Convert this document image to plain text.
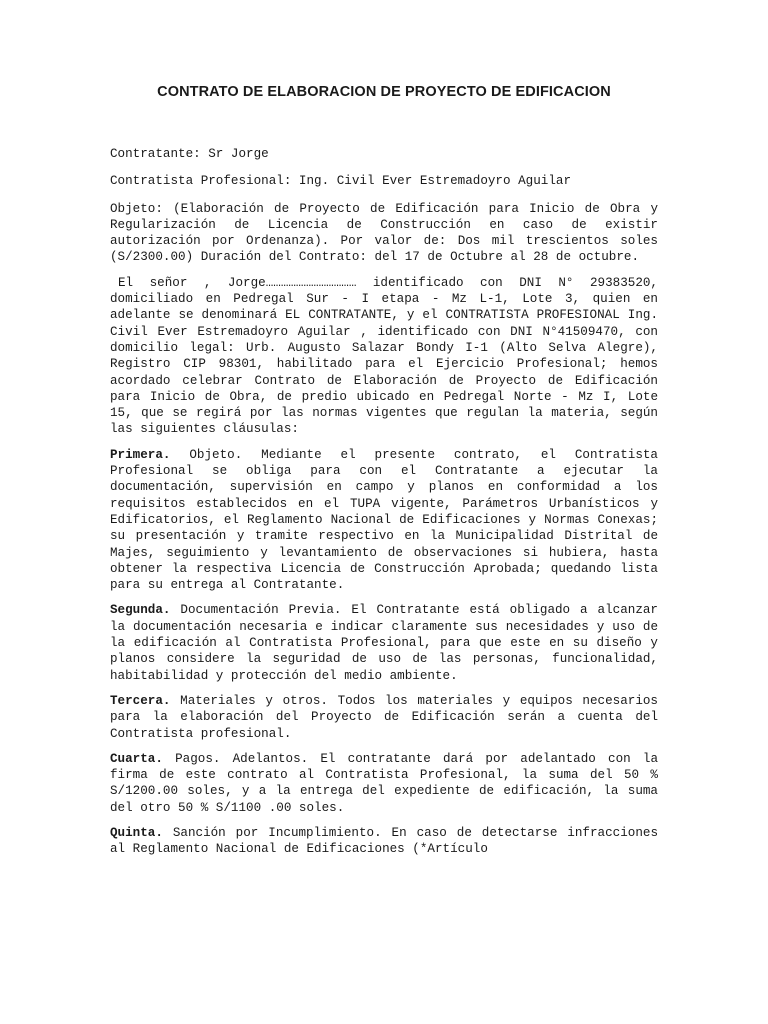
CONTRATO DE ELABORACION DE PROYECTO DE EDIFICACION

Contratante: Sr Jorge

Contratista Profesional: Ing. Civil Ever Estremadoyro Aguilar

Objeto: (Elaboración de Proyecto de Edificación para Inicio de Obra y Regularización de Licencia de Construcción en caso de existir autorización por Ordenanza). Por valor de: Dos mil trescientos soles (S/2300.00) Duración del Contrato: del 17 de Octubre al 28 de octubre.

El señor , Jorge……………………………… identificado con DNI N° 29383520, domiciliado en Pedregal Sur - I etapa - Mz L-1, Lote 3, quien en adelante se denominará EL CONTRATANTE, y el CONTRATISTA PROFESIONAL Ing. Civil Ever Estremadoyro Aguilar , identificado con DNI N°41509470, con domicilio legal: Urb. Augusto Salazar Bondy I-1 (Alto Selva Alegre), Registro CIP 98301, habilitado para el Ejercicio Profesional; hemos acordado celebrar Contrato de Elaboración de Proyecto de Edificación para Inicio de Obra, de predio ubicado en Pedregal Norte - Mz I, Lote 15, que se regirá por las normas vigentes que regulan la materia, según las siguientes cláusulas:

Primera. Objeto. Mediante el presente contrato, el Contratista Profesional se obliga para con el Contratante a ejecutar la documentación, supervisión en campo y planos en conformidad a los requisitos establecidos en el TUPA vigente, Parámetros Urbanísticos y Edificatorios, el Reglamento Nacional de Edificaciones y Normas Conexas; su presentación y tramite respectivo en la Municipalidad Distrital de Majes, seguimiento y levantamiento de observaciones si hubiera, hasta obtener la respectiva Licencia de Construcción Aprobada; quedando lista para su entrega al Contratante.

Segunda. Documentación Previa. El Contratante está obligado a alcanzar la documentación necesaria e indicar claramente sus necesidades y uso de la edificación al Contratista Profesional, para que este en su diseño y planos considere la seguridad de uso de las personas, funcionalidad, habitabilidad y protección del medio ambiente.

Tercera. Materiales y otros. Todos los materiales y equipos necesarios para la elaboración del Proyecto de Edificación serán a cuenta del Contratista profesional.

Cuarta. Pagos. Adelantos. El contratante dará por adelantado con la firma de este contrato al Contratista Profesional, la suma del 50 % S/1200.00 soles, y a la entrega del expediente de edificación, la suma del otro 50 % S/1100 .00 soles.

Quinta. Sanción por Incumplimiento. En caso de detectarse infracciones al Reglamento Nacional de Edificaciones (*Artículo
